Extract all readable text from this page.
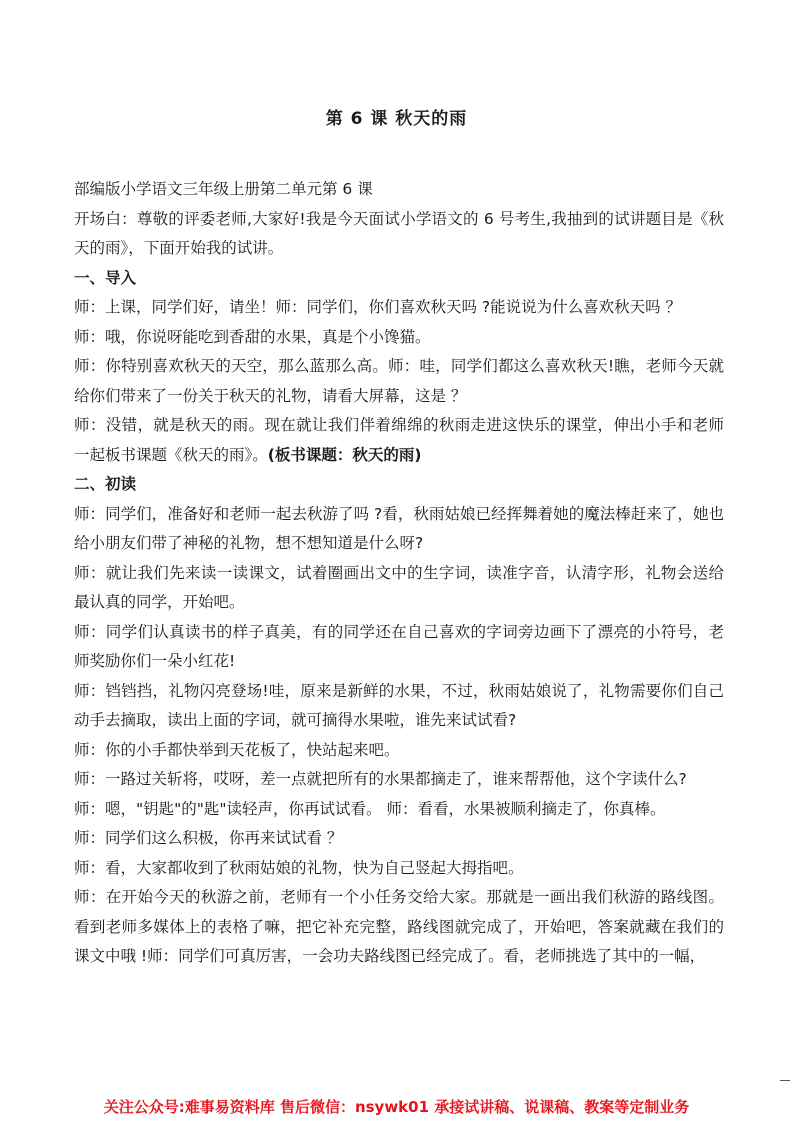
第 6 课 秋天的雨

部编版小学语文三年级上册第二单元第 6 课

开场白：尊敬的评委老师,大家好!我是今天面试小学语文的 6 号考生,我抽到的试讲题目是《秋天的雨》，下面开始我的试讲。

一、导入

师：上课，同学们好，请坐！师：同学们，你们喜欢秋天吗 ?能说说为什么喜欢秋天吗 ？

师：哦，你说呀能吃到香甜的水果，真是个小馋猫。

师：你特别喜欢秋天的天空，那么蓝那么高。师：哇，同学们都这么喜欢秋天!瞧，老师今天就给你们带来了一份关于秋天的礼物，请看大屏幕，这是 ？

师：没错，就是秋天的雨。现在就让我们伴着绵绵的秋雨走进这快乐的课堂，伸出小手和老师一起板书课题《秋天的雨》。(板书课题：秋天的雨)

二、初读

师：同学们，准备好和老师一起去秋游了吗 ?看，秋雨姑娘已经挥舞着她的魔法棒赶来了，她也给小朋友们带了神秘的礼物，想不想知道是什么呀?

师：就让我们先来读一读课文，试着圈画出文中的生字词，读准字音，认清字形，礼物会送给最认真的同学，开始吧。

师：同学们认真读书的样子真美，有的同学还在自己喜欢的字词旁边画下了漂亮的小符号，老师奖励你们一朵小红花!

师：铛铛挡，礼物闪亮登场!哇，原来是新鲜的水果，不过，秋雨姑娘说了，礼物需要你们自己动手去摘取，读出上面的字词，就可摘得水果啦，谁先来试试看?

师：你的小手都快举到天花板了，快站起来吧。

师：一路过关斩将，哎呀，差一点就把所有的水果都摘走了，谁来帮帮他，这个字读什么?

师：嗯，"钥匙"的"匙"读轻声，你再试试看。 师：看看，水果被顺利摘走了，你真棒。

师：同学们这么积极，你再来试试看 ？

师：看，大家都收到了秋雨姑娘的礼物，快为自己竖起大拇指吧。

师：在开始今天的秋游之前，老师有一个小任务交给大家。那就是一画出我们秋游的路线图。看到老师多媒体上的表格了嘛，把它补充完整，路线图就完成了，开始吧，答案就藏在我们的课文中哦 !师：同学们可真厉害，一会功夫路线图已经完成了。看，老师挑选了其中的一幅，

关注公众号:难事易资料库 售后微信：nsywk01 承接试讲稿、说课稿、教案等定制业务
